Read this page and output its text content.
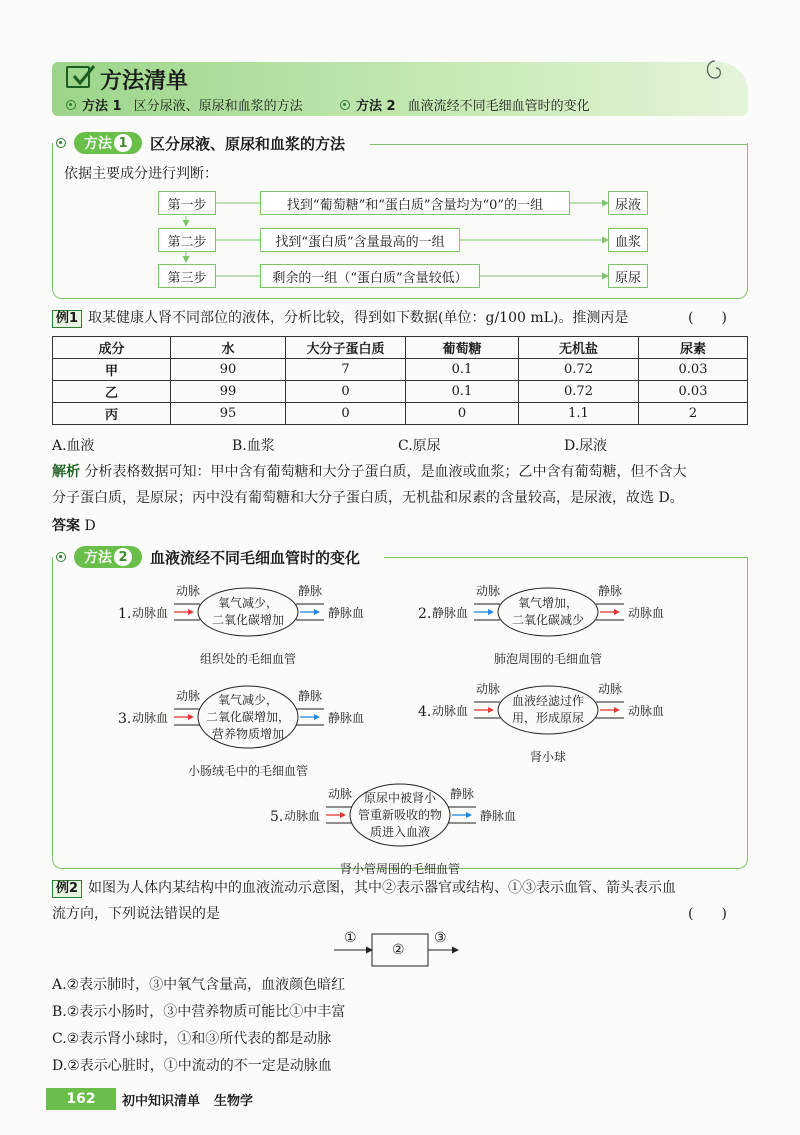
方法清单
方法 1 区分尿液、原尿和血浆的方法	方法 2 血液流经不同毛细血管时的变化
方法 1 区分尿液、原尿和血浆的方法
依据主要成分进行判断：
第一步	找到“葡萄糖”和“蛋白质”含量均为“0”的一组	尿液
第二步	找到“蛋白质”含量最高的一组	血浆
第三步	剩余的一组（“蛋白质”含量较低）	原尿
例1 取某健康人肾不同部位的液体，分析比较，得到如下数据(单位：g/100 mL)。推测丙是	(　　)
成分	水	大分子蛋白质	葡萄糖	无机盐	尿素
甲	90	7	0.1	0.72	0.03
乙	99	0	0.1	0.72	0.03
丙	95	0	0	1.1	2
A.血液	B.血浆	C.原尿	D.尿液
解析 分析表格数据可知：甲中含有葡萄糖和大分子蛋白质，是血液或血浆；乙中含有葡萄糖，但不含大
分子蛋白质，是原尿；丙中没有葡萄糖和大分子蛋白质，无机盐和尿素的含量较高，是尿液，故选 D。
答案 D
方法 2 血液流经不同毛细血管时的变化
1.
动脉	静脉
动脉血	静脉血
氧气减少，
二氧化碳增加
组织处的毛细血管
2.
动脉	静脉
静脉血	动脉血
氧气增加，
二氧化碳减少
肺泡周围的毛细血管
3.
动脉	静脉
动脉血	静脉血
氧气减少，
二氧化碳增加，
营养物质增加
小肠绒毛中的毛细血管
4.
动脉	动脉
动脉血	动脉血
血液经滤过作
用，形成原尿
肾小球
5.
动脉	静脉
动脉血	静脉血
原尿中被肾小
管重新吸收的物
质进入血液
肾小管周围的毛细血管
例2 如图为人体内某结构中的血液流动示意图，其中②表示器官或结构、①③表示血管、箭头表示血
流方向，下列说法错误的是	(　　)
①
②
③
A.②表示肺时，③中氧气含量高，血液颜色暗红
B.②表示小肠时，③中营养物质可能比①中丰富
C.②表示肾小球时，①和③所代表的都是动脉
D.②表示心脏时，①中流动的不一定是动脉血
162	初中知识清单 生物学
